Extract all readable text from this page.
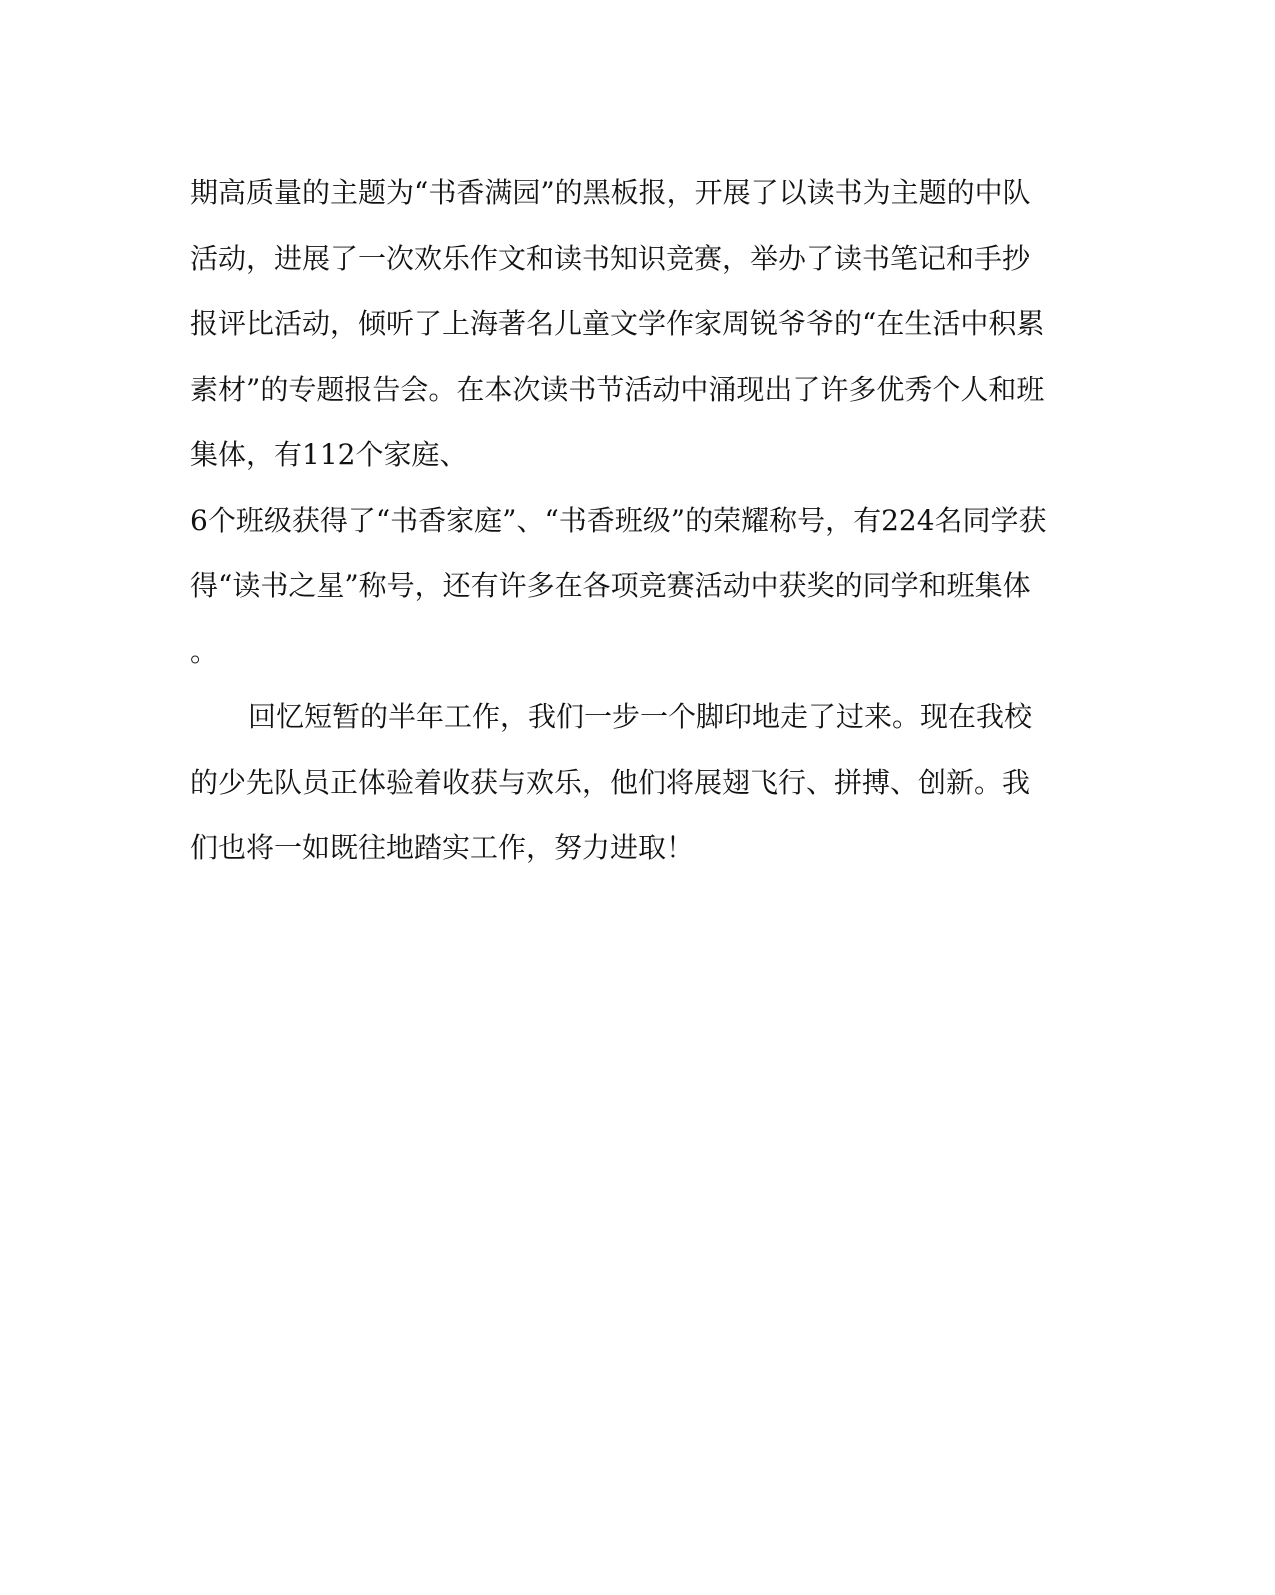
期高质量的主题为“书香满园”的黑板报，开展了以读书为主题的中队
活动，进展了一次欢乐作文和读书知识竞赛，举办了读书笔记和手抄
报评比活动，倾听了上海著名儿童文学作家周锐爷爷的“在生活中积累
素材”的专题报告会。在本次读书节活动中涌现出了许多优秀个人和班
集体，有112个家庭、
6个班级获得了“书香家庭”、“书香班级”的荣耀称号，有224名同学获
得“读书之星”称号，还有许多在各项竞赛活动中获奖的同学和班集体
。
回忆短暂的半年工作，我们一步一个脚印地走了过来。现在我校
的少先队员正体验着收获与欢乐，他们将展翅飞行、拼搏、创新。我
们也将一如既往地踏实工作，努力进取！
